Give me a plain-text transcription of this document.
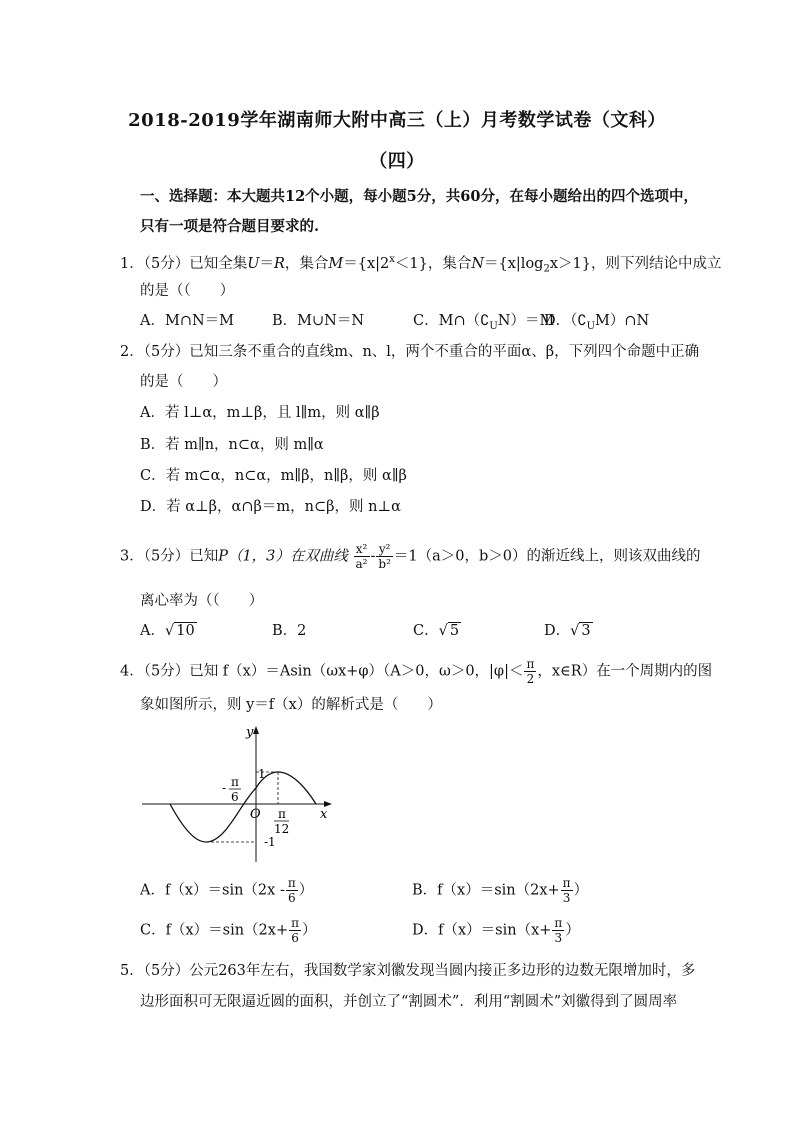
2018-2019学年湖南师大附中高三（上）月考数学试卷（文科）
（四）
一、选择题：本大题共12个小题，每小题5分，共60分，在每小题给出的四个选项中，
只有一项是符合题目要求的.
1．（5分）已知全集U＝R，集合$M=\{x|2^x<1\}$，集合$N=\{x|\log_2x>1\}$，则下列结论中成立
的是（（　　）
A．M∩N＝M	B．M∪N＝N	C．$M\cap(∁_UN)=M$
D．$(∁_UM)\cap N$
2．（5分）已知三条不重合的直线m、n、l，两个不重合的平面α、β，下列四个命题中正确
的是（　　）
A．若 l⊥α，m⊥β，且 l∥m，则 α∥β
B．若 m∥n，n⊂α，则 m∥α
C．若 m⊂α，n⊂α，m∥β，n∥β，则 α∥β
D．若 α⊥β，α∩β＝m，n⊂β，则 n⊥α
3．（5分）已知P（1，3）在双曲线 $\frac{\text{x²}}{\text{a²}} - \frac{\text{y²}}{\text{b²}} =1(a>0$，b＞0）的渐近线上，则该双曲线的
离心率为（（　　）
A．√ 10	B．2	C．√ 5	D．√ 3
4．（5分）已知 f（x）＝Asin（ωx+φ）（A＞0，ω＞0，$|\varphi|< \frac{\pi}{2}$ ，x∈R）在一个周期内的图
象如图所示，则 y＝f（x）的解析式是（　　）
y
x
O
1
-1
- π
6
π
12
A．$f(x)=\sin(2x - \frac{\pi}{6}$ ）	B．$f(x)=\sin(2x+ \frac{\pi}{3}$ ）
C．$f(x)=\sin(2x+ \frac{\pi}{6}$ ）	D．$f(x)=\sin(x+ \frac{\pi}{3}$ ）
5．（5分）公元263年左右，我国数学家刘徽发现当圆内接正多边形的边数无限增加时，多
边形面积可无限逼近圆的面积，并创立了“割圆术”．利用“割圆术”刘徽得到了圆周率
